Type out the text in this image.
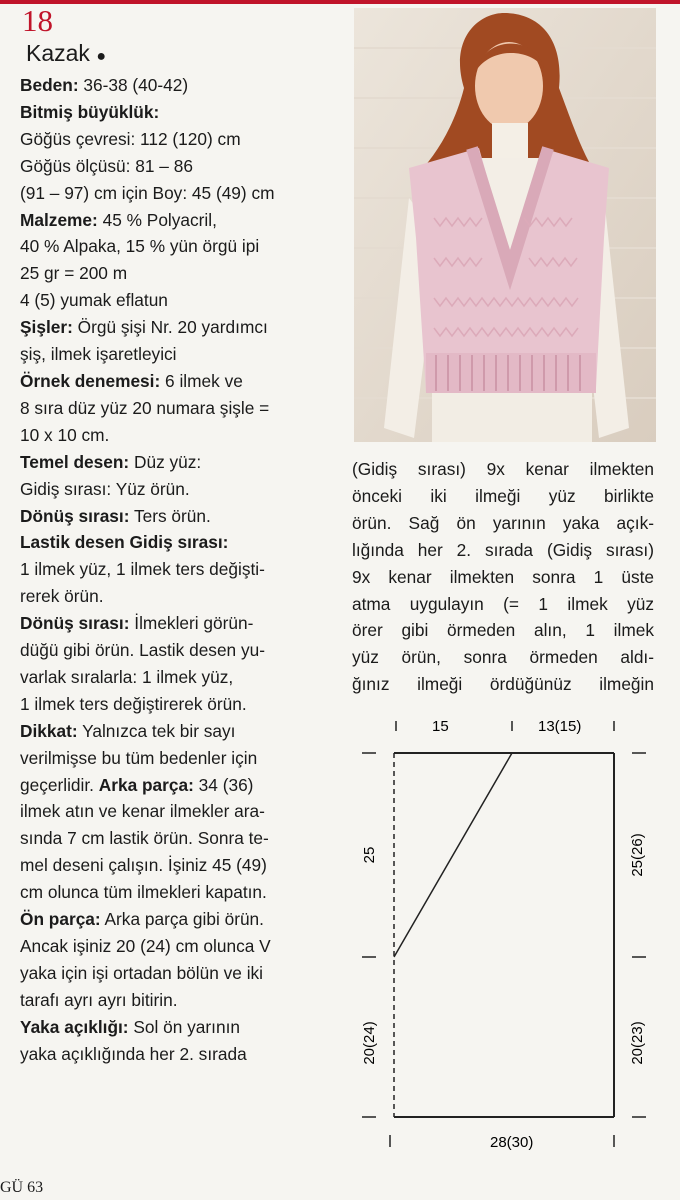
18
Kazak ●

Beden: 36-38 (40-42)

Bitmiş büyüklük:

Göğüs çevresi: 112 (120) cm

Göğüs ölçüsü: 81 – 86

(91 – 97) cm için Boy: 45 (49) cm

Malzeme: 45 % Polyacril,

40 % Alpaka, 15 % yün örgü ipi

25 gr = 200 m

4 (5) yumak eflatun

Şişler: Örgü şişi Nr. 20 yardımcı

şiş, ilmek işaretleyici

Örnek denemesi: 6 ilmek ve

8 sıra düz yüz 20 numara şişle =

10 x 10 cm.

Temel desen: Düz yüz:

Gidiş sırası: Yüz örün.

Dönüş sırası: Ters örün.

Lastik desen Gidiş sırası:

1 ilmek yüz, 1 ilmek ters değişti-

rerek örün.

Dönüş sırası: İlmekleri görün-

düğü gibi örün. Lastik desen yu-

varlak sıralarla: 1 ilmek yüz,

1 ilmek ters değiştirerek örün.

Dikkat: Yalnızca tek bir sayı

verilmişse bu tüm bedenler için

geçerlidir. Arka parça: 34 (36)

ilmek atın ve kenar ilmekler ara-

sında 7 cm lastik örün. Sonra te-

mel deseni çalışın. İşiniz 45 (49)

cm olunca tüm ilmekleri kapatın.

Ön parça: Arka parça gibi örün.

Ancak işiniz 20 (24) cm olunca V

yaka için işi ortadan bölün ve iki

tarafı ayrı ayrı bitirin.

Yaka açıklığı: Sol ön yarının

yaka açıklığında her 2. sırada

(Gidiş sırası) 9x kenar ilmekten

önceki iki ilmeği yüz birlikte

örün. Sağ ön yarının yaka açık-

lığında her 2. sırada (Gidiş sırası)

9x kenar ilmekten sonra 1 üste

atma uygulayın (= 1 ilmek yüz

örer gibi örmeden alın, 1 ilmek

yüz örün, sonra örmeden aldı-

ğınız ilmeği ördüğünüz ilmeğin

15	13(15)
25
20(24)
25(26)
20(23)
28(30)
GÜ 63
